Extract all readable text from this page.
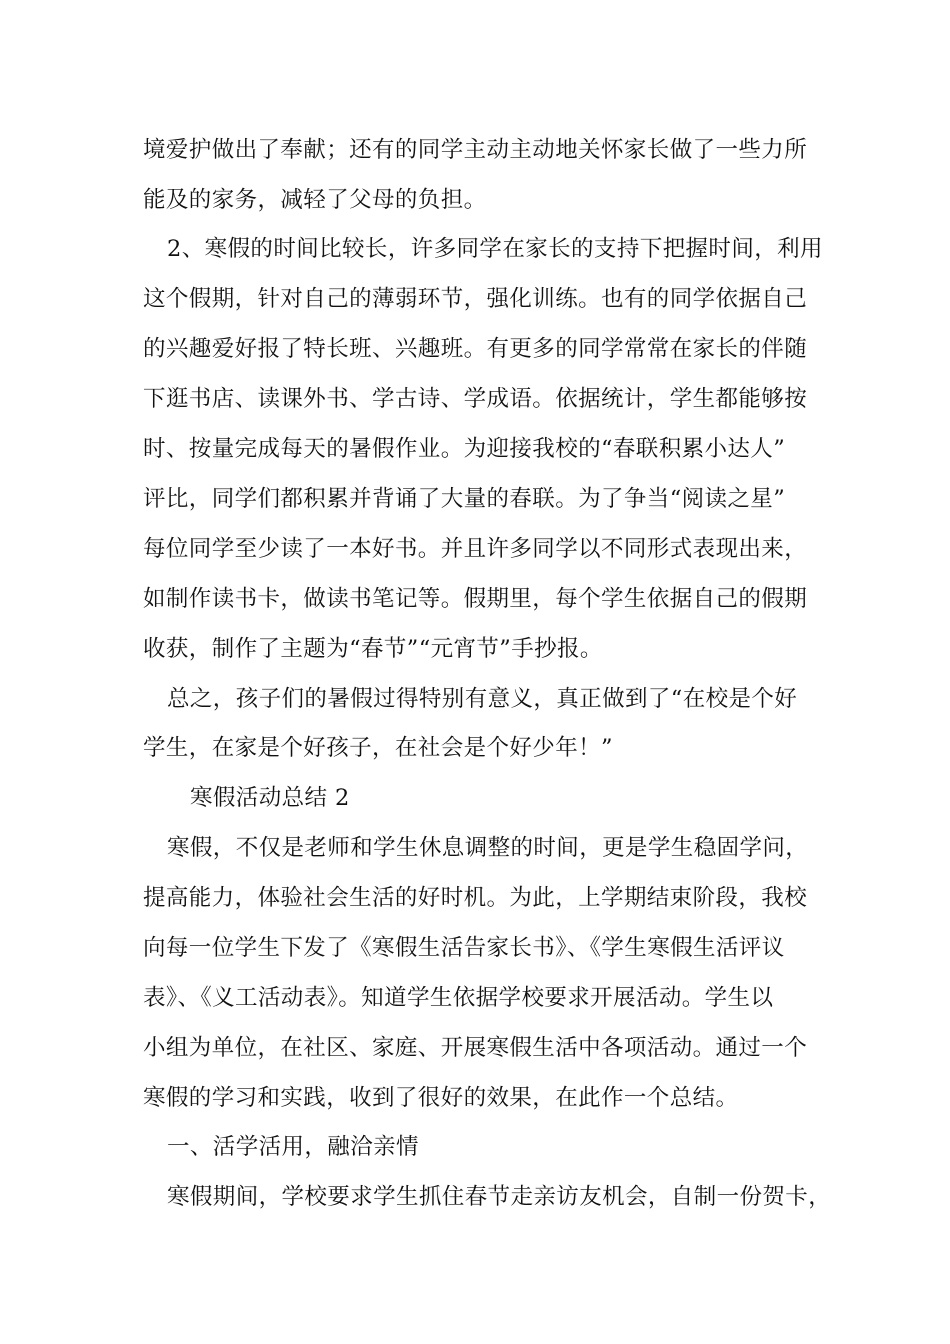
境爱护做出了奉献；还有的同学主动主动地关怀家长做了一些力所
能及的家务，减轻了父母的负担。
2、寒假的时间比较长，许多同学在家长的支持下把握时间，利用
这个假期，针对自己的薄弱环节，强化训练。也有的同学依据自己
的兴趣爱好报了特长班、兴趣班。有更多的同学常常在家长的伴随
下逛书店、读课外书、学古诗、学成语。依据统计，学生都能够按
时、按量完成每天的暑假作业。为迎接我校的“春联积累小达人”
评比，同学们都积累并背诵了大量的春联。为了争当“阅读之星”
每位同学至少读了一本好书。并且许多同学以不同形式表现出来，
如制作读书卡，做读书笔记等。假期里，每个学生依据自己的假期
收获，制作了主题为“春节”“元宵节”手抄报。
总之，孩子们的暑假过得特别有意义，真正做到了“在校是个好
学生，在家是个好孩子，在社会是个好少年！”
寒假活动总结 2
寒假，不仅是老师和学生休息调整的时间，更是学生稳固学问，
提高能力，体验社会生活的好时机。为此，上学期结束阶段，我校
向每一位学生下发了《寒假生活告家长书》、《学生寒假生活评议
表》、《义工活动表》。知道学生依据学校要求开展活动。学生以
小组为单位，在社区、家庭、开展寒假生活中各项活动。通过一个
寒假的学习和实践，收到了很好的效果，在此作一个总结。
一、活学活用，融洽亲情
寒假期间，学校要求学生抓住春节走亲访友机会，自制一份贺卡，
